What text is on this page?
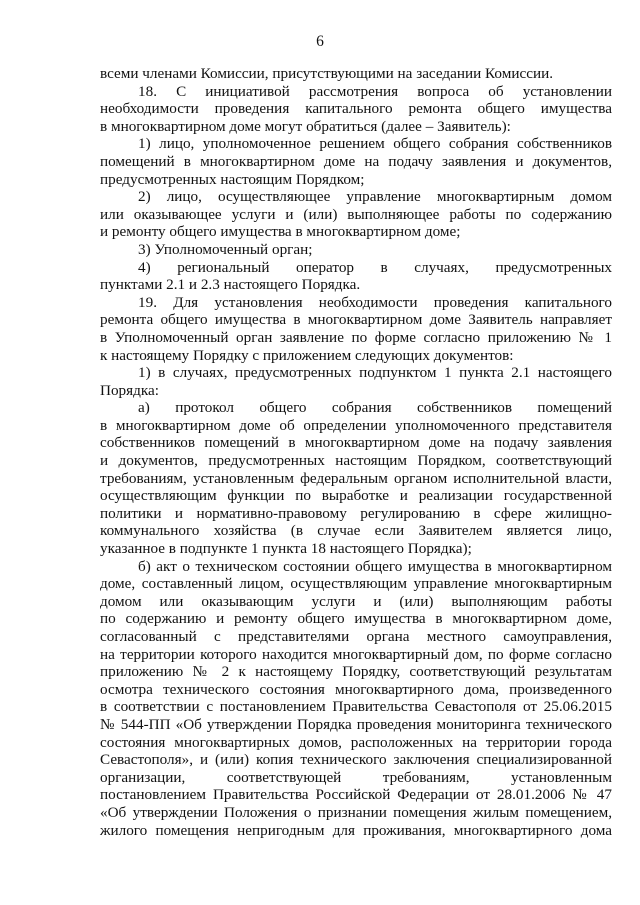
6
всеми членами Комиссии, присутствующими на заседании Комиссии.
18. С инициативой рассмотрения вопроса об установлении
необходимости проведения капитального ремонта общего имущества
в многоквартирном доме могут обратиться (далее – Заявитель):
1) лицо, уполномоченное решением общего собрания собственников
помещений в многоквартирном доме на подачу заявления и документов,
предусмотренных настоящим Порядком;
2) лицо, осуществляющее управление многоквартирным домом
или оказывающее услуги и (или) выполняющее работы по содержанию
и ремонту общего имущества в многоквартирном доме;
3) Уполномоченный орган;
4) региональный оператор в случаях, предусмотренных
пунктами 2.1 и 2.3 настоящего Порядка.
19. Для установления необходимости проведения капитального
ремонта общего имущества в многоквартирном доме Заявитель направляет
в Уполномоченный орган заявление по форме согласно приложению № 1
к настоящему Порядку с приложением следующих документов:
1) в случаях, предусмотренных подпунктом 1 пункта 2.1 настоящего
Порядка:
а) протокол общего собрания собственников помещений
в многоквартирном доме об определении уполномоченного представителя
собственников помещений в многоквартирном доме на подачу заявления
и документов, предусмотренных настоящим Порядком, соответствующий
требованиям, установленным федеральным органом исполнительной власти,
осуществляющим функции по выработке и реализации государственной
политики и нормативно-правовому регулированию в сфере жилищно-
коммунального хозяйства (в случае если Заявителем является лицо,
указанное в подпункте 1 пункта 18 настоящего Порядка);
б) акт о техническом состоянии общего имущества в многоквартирном
доме, составленный лицом, осуществляющим управление многоквартирным
домом или оказывающим услуги и (или) выполняющим работы
по содержанию и ремонту общего имущества в многоквартирном доме,
согласованный с представителями органа местного самоуправления,
на территории которого находится многоквартирный дом, по форме согласно
приложению № 2 к настоящему Порядку, соответствующий результатам
осмотра технического состояния многоквартирного дома, произведенного
в соответствии с постановлением Правительства Севастополя от 25.06.2015
№ 544-ПП «Об утверждении Порядка проведения мониторинга технического
состояния многоквартирных домов, расположенных на территории города
Севастополя», и (или) копия технического заключения специализированной
организации, соответствующей требованиям, установленным
постановлением Правительства Российской Федерации от 28.01.2006 № 47
«Об утверждении Положения о признании помещения жилым помещением,
жилого помещения непригодным для проживания, многоквартирного дома
